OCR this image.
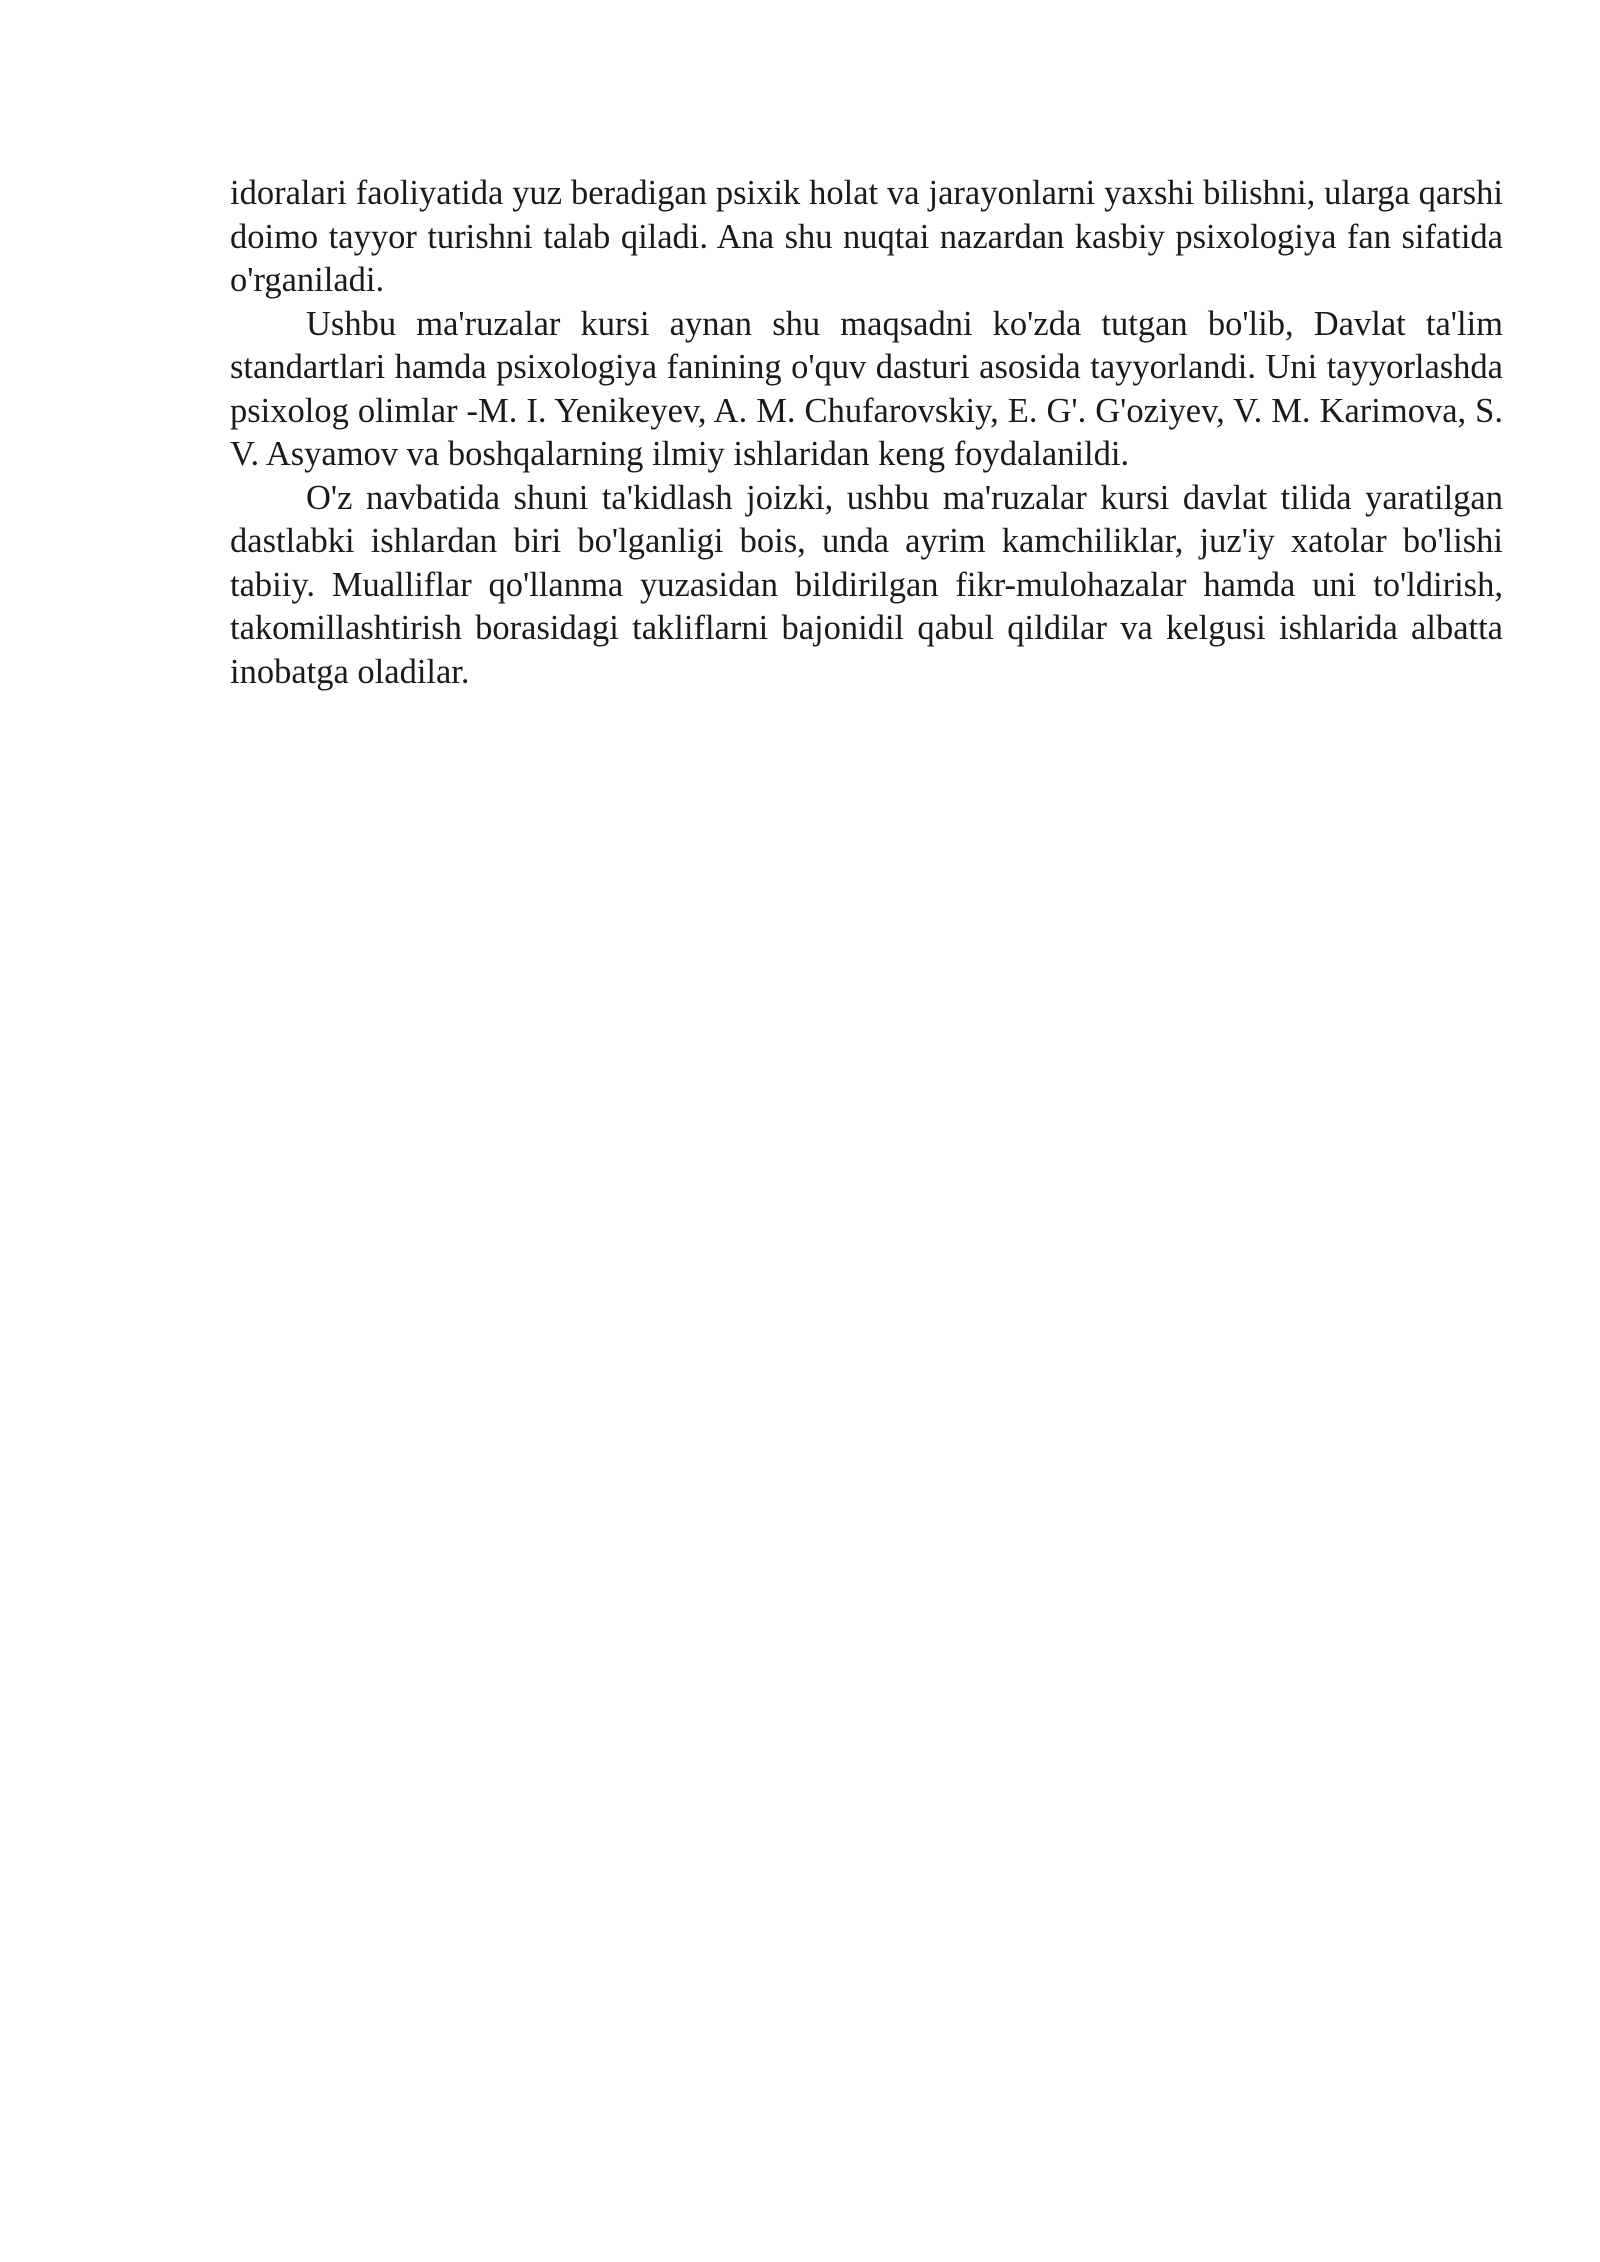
idoralari faoliyatida yuz beradigan psixik holat va jarayonlarni yaxshi bilishni, ularga qarshi doimo tayyor turishni talab qiladi. Ana shu nuqtai nazardan kasbiy psixologiya fan sifatida o'rganiladi.

Ushbu ma'ruzalar kursi aynan shu maqsadni ko'zda tutgan bo'lib, Davlat ta'lim standartlari hamda psixologiya fanining o'quv dasturi asosida tayyorlandi. Uni tayyorlashda psixolog olimlar -M. I. Yenikeyev, A. M. Chufarovskiy, E. G'. G'oziyev, V. M. Karimova, S. V. Asyamov va boshqalarning ilmiy ishlaridan keng foydalanildi.

O'z navbatida shuni ta'kidlash joizki, ushbu ma'ruzalar kursi davlat tilida yaratilgan dastlabki ishlardan biri bo'lganligi bois, unda ayrim kamchiliklar, juz'iy xatolar bo'lishi tabiiy. Mualliflar qo'llanma yuzasidan bildirilgan fikr-mulohazalar hamda uni to'ldirish, takomillashtirish borasidagi takliflarni bajonidil qabul qildilar va kelgusi ishlarida albatta inobatga oladilar.
